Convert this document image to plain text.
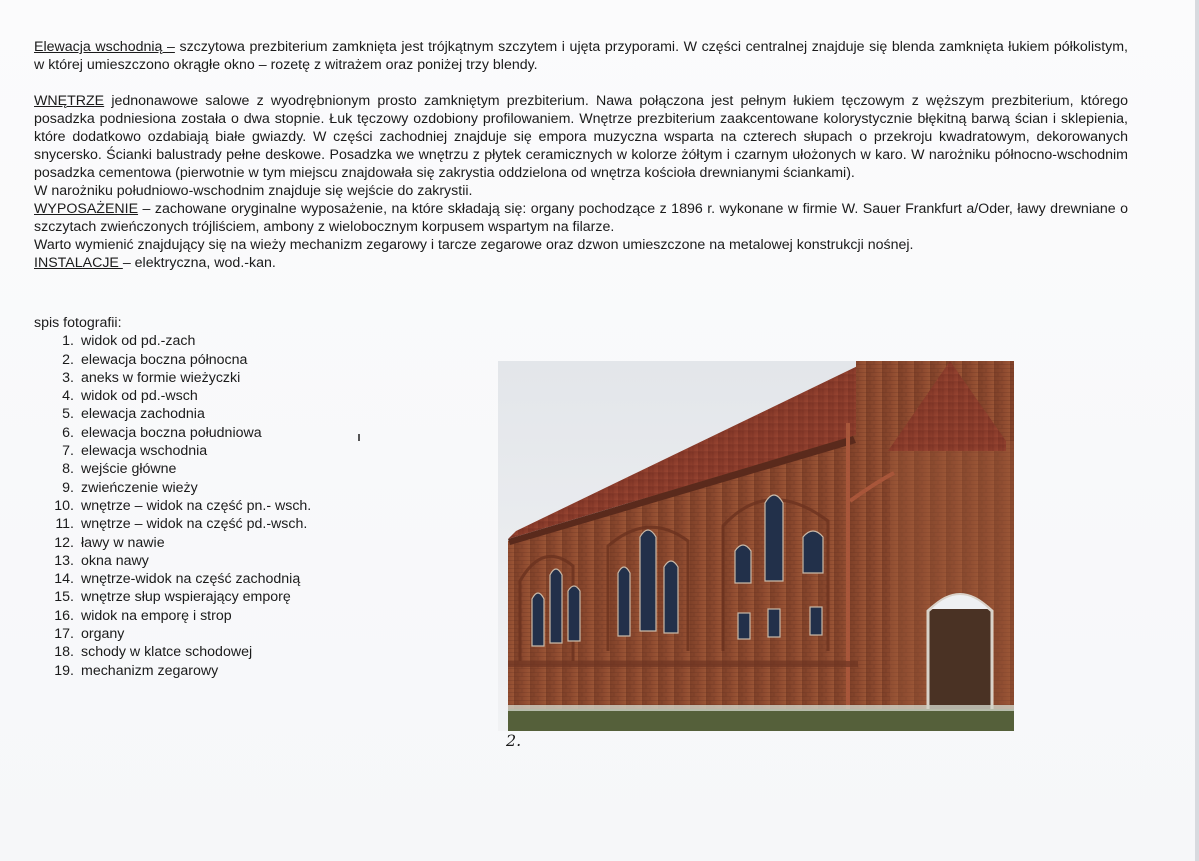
Elewacja wschodnią – szczytowa prezbiterium zamknięta jest trójkątnym szczytem i ujęta przyporami. W części centralnej znajduje się blenda zamknięta łukiem półkolistym, w której umieszczono okrągłe okno – rozetę z witrażem oraz poniżej trzy blendy.

WNĘTRZE jednonawowe salowe z wyodrębnionym prosto zamkniętym prezbiterium. Nawa połączona jest pełnym łukiem tęczowym z węższym prezbiterium, którego posadzka podniesiona została o dwa stopnie. Łuk tęczowy ozdobiony profilowaniem. Wnętrze prezbiterium zaakcentowane kolorystycznie błękitną barwą ścian i sklepienia, które dodatkowo ozdabiają białe gwiazdy. W części zachodniej znajduje się empora muzyczna wsparta na czterech słupach o przekroju kwadratowym, dekorowanych snycersko. Ścianki balustrady pełne deskowe. Posadzka we wnętrzu z płytek ceramicznych w kolorze żółtym i czarnym ułożonych w karo. W narożniku północno-wschodnim posadzka cementowa (pierwotnie w tym miejscu znajdowała się zakrystia oddzielona od wnętrza kościoła drewnianymi ściankami).

W narożniku południowo-wschodnim znajduje się wejście do zakrystii.

WYPOSAŻENIE – zachowane oryginalne wyposażenie, na które składają się: organy pochodzące z 1896 r. wykonane w firmie W. Sauer Frankfurt a/Oder, ławy drewniane o szczytach zwieńczonych trójliściem, ambony z wielobocznym korpusem wspartym na filarze.

Warto wymienić znajdujący się na wieży mechanizm zegarowy i tarcze zegarowe oraz dzwon umieszczone na metalowej konstrukcji nośnej.

INSTALACJE – elektryczna, wod.-kan.

spis fotografii:

1. widok od pd.-zach
2. elewacja boczna północna
3. aneks w formie wieżyczki
4. widok od pd.-wsch
5. elewacja zachodnia
6. elewacja boczna południowa
7. elewacja wschodnia
8. wejście główne
9. zwieńczenie wieży
10. wnętrze – widok na część pn.- wsch.
11. wnętrze – widok na część pd.-wsch.
12. ławy w nawie
13. okna nawy
14. wnętrze-widok na część zachodnią
15. wnętrze słup wspierający emporę
16. widok na emporę i strop
17. organy
18. schody w klatce schodowej
19. mechanizm zegarowy
2.
